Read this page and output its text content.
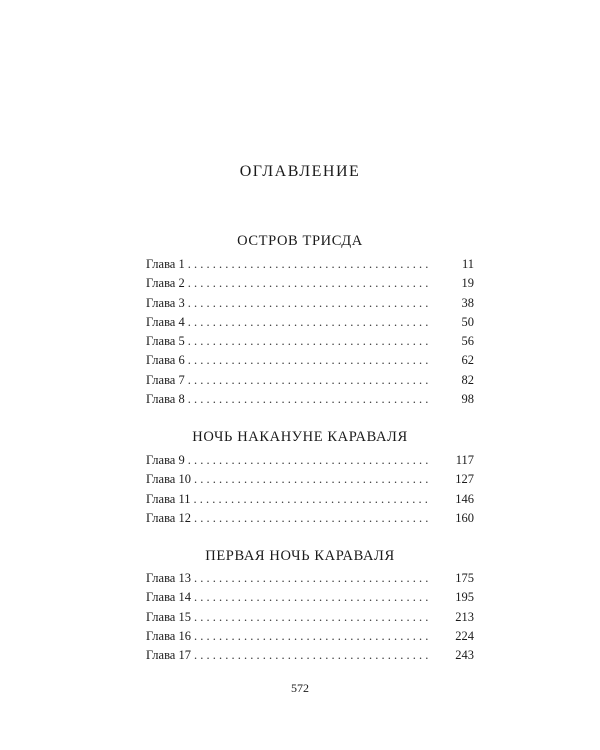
ОГЛАВЛЕНИЕ
ОСТРОВ ТРИСДА
Глава 1 . . .	11
Глава 2 . . .	19
Глава 3 . . .	38
Глава 4 . . .	50
Глава 5 . . .	56
Глава 6 . . .	62
Глава 7 . . .	82
Глава 8 . . .	98
НОЧЬ НАКАНУНЕ КАРАВАЛЯ
Глава 9 . . .	117
Глава 10 . . .	127
Глава 11 . . .	146
Глава 12 . . .	160
ПЕРВАЯ НОЧЬ КАРАВАЛЯ
Глава 13 . . .	175
Глава 14 . . .	195
Глава 15 . . .	213
Глава 16 . . .	224
Глава 17 . . .	243
572
